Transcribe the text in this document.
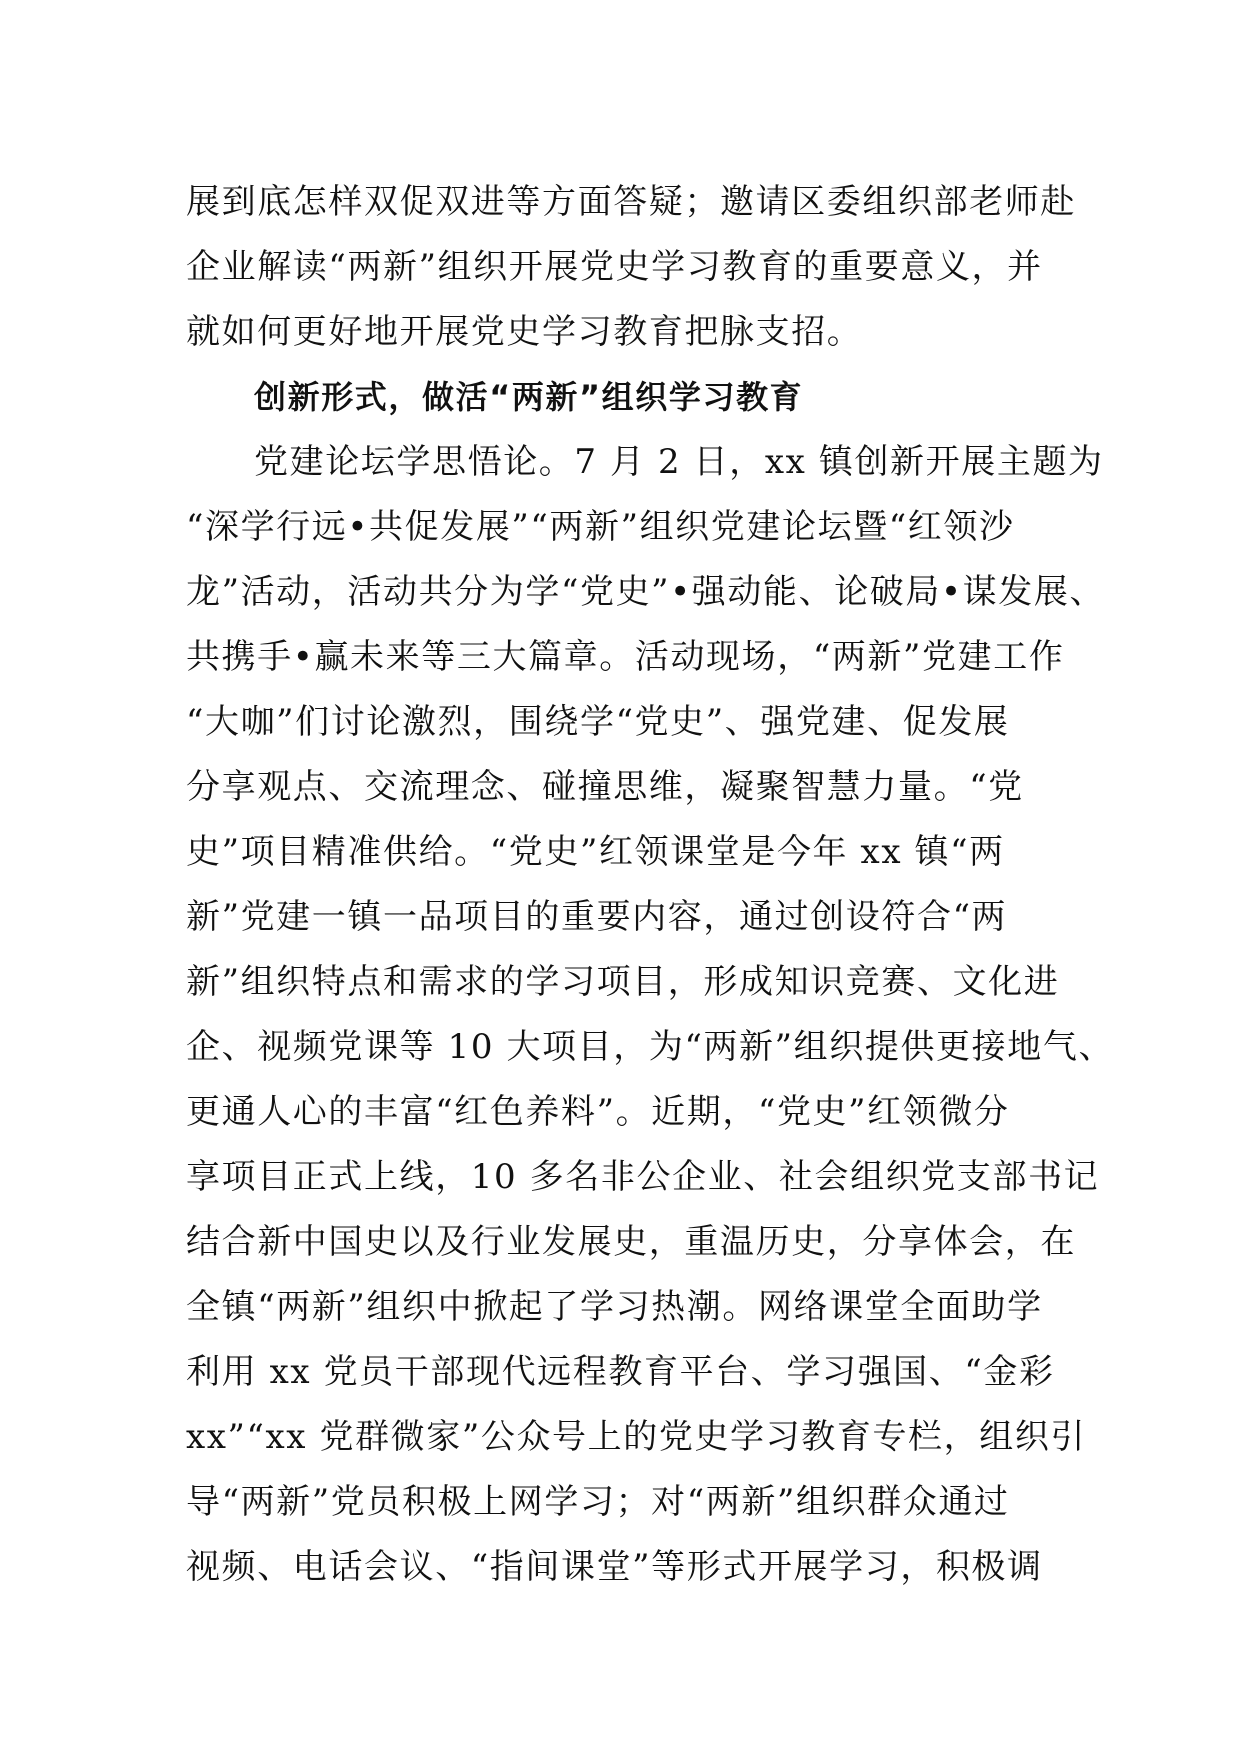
展到底怎样双促双进等方面答疑；邀请区委组织部老师赴
企业解读“两新”组织开展党史学习教育的重要意义，并
就如何更好地开展党史学习教育把脉支招。
创新形式，做活“两新”组织学习教育
党建论坛学思悟论。7 月 2 日，xx 镇创新开展主题为
“深学行远•共促发展”“两新”组织党建论坛暨“红领沙
龙”活动，活动共分为学“党史”•强动能、论破局•谋发展、
共携手•赢未来等三大篇章。活动现场，“两新”党建工作
“大咖”们讨论激烈，围绕学“党史”、强党建、促发展
分享观点、交流理念、碰撞思维，凝聚智慧力量。“党
史”项目精准供给。“党史”红领课堂是今年 xx 镇“两
新”党建一镇一品项目的重要内容，通过创设符合“两
新”组织特点和需求的学习项目，形成知识竞赛、文化进
企、视频党课等 10 大项目，为“两新”组织提供更接地气、
更通人心的丰富“红色养料”。近期，“党史”红领微分
享项目正式上线，10 多名非公企业、社会组织党支部书记
结合新中国史以及行业发展史，重温历史，分享体会，在
全镇“两新”组织中掀起了学习热潮。网络课堂全面助学
利用 xx 党员干部现代远程教育平台、学习强国、“金彩
xx”“xx 党群微家”公众号上的党史学习教育专栏，组织引
导“两新”党员积极上网学习；对“两新”组织群众通过
视频、电话会议、“指间课堂”等形式开展学习，积极调
